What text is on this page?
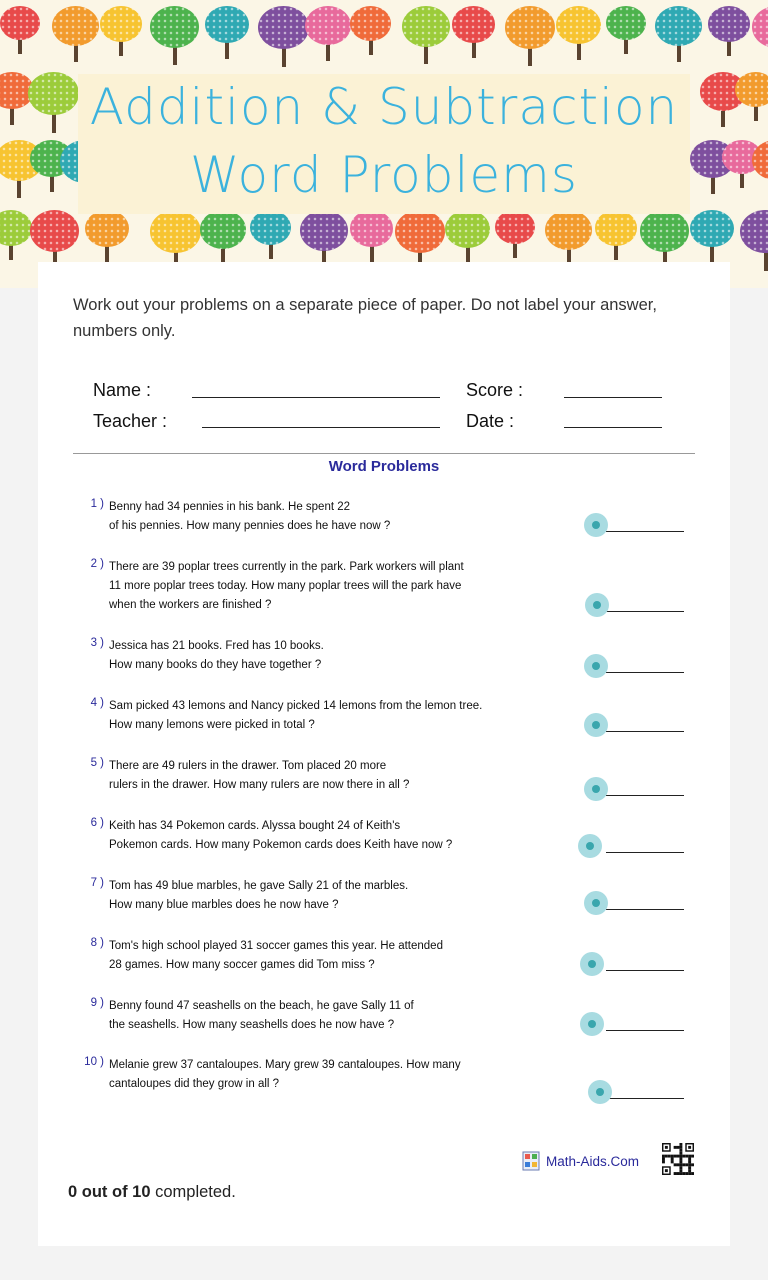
Addition & Subtraction
Word Problems
Work out your problems on a separate piece of paper. Do not label your answer, numbers only.
Name :	Score :
Teacher :	Date :
Word Problems
1 ) Benny had 34 pennies in his bank. He spent 22
of his pennies. How many pennies does he have now ?
2 ) There are 39 poplar trees currently in the park. Park workers will plant
11 more poplar trees today. How many poplar trees will the park have
when the workers are finished ?
3 ) Jessica has 21 books. Fred has 10 books.
How many books do they have together ?
4 ) Sam picked 43 lemons and Nancy picked 14 lemons from the lemon tree.
How many lemons were picked in total ?
5 ) There are 49 rulers in the drawer. Tom placed 20 more
rulers in the drawer. How many rulers are now there in all ?
6 ) Keith has 34 Pokemon cards. Alyssa bought 24 of Keith's
Pokemon cards. How many Pokemon cards does Keith have now ?
7 ) Tom has 49 blue marbles, he gave Sally 21 of the marbles.
How many blue marbles does he now have ?
8 ) Tom's high school played 31 soccer games this year. He attended
28 games. How many soccer games did Tom miss ?
9 ) Benny found 47 seashells on the beach, he gave Sally 11 of
the seashells. How many seashells does he now have ?
10 ) Melanie grew 37 cantaloupes. Mary grew 39 cantaloupes. How many
cantaloupes did they grow in all ?
Math-Aids.Com
0 out of 10 completed.
